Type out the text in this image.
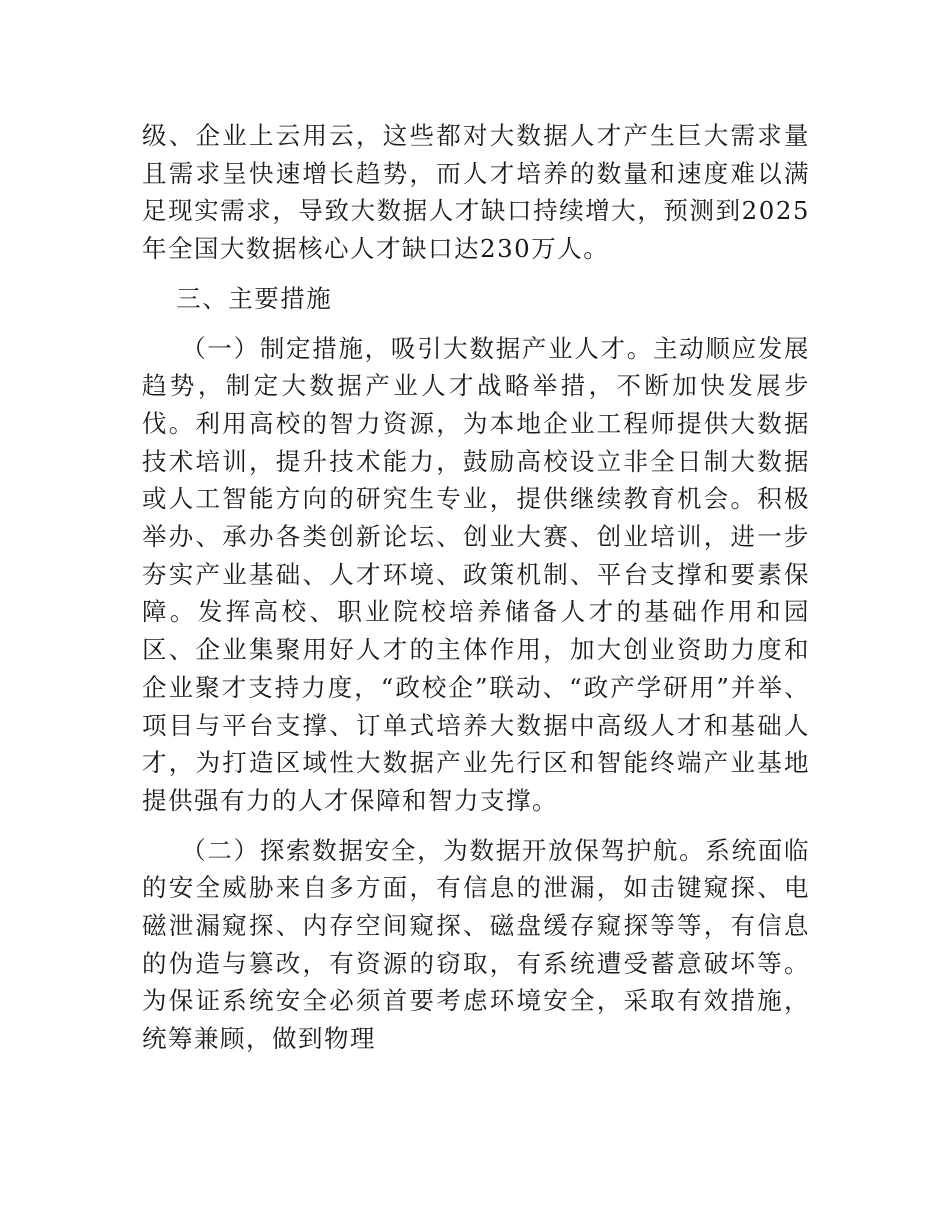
级、企业上云用云，这些都对大数据人才产生巨大需求量且需求呈快速增长趋势，而人才培养的数量和速度难以满足现实需求，导致大数据人才缺口持续增大，预测到2025年全国大数据核心人才缺口达230万人。

三、主要措施

（一）制定措施，吸引大数据产业人才。主动顺应发展趋势，制定大数据产业人才战略举措，不断加快发展步伐。利用高校的智力资源，为本地企业工程师提供大数据技术培训，提升技术能力，鼓励高校设立非全日制大数据或人工智能方向的研究生专业，提供继续教育机会。积极举办、承办各类创新论坛、创业大赛、创业培训，进一步夯实产业基础、人才环境、政策机制、平台支撑和要素保障。发挥高校、职业院校培养储备人才的基础作用和园区、企业集聚用好人才的主体作用，加大创业资助力度和企业聚才支持力度，“政校企”联动、“政产学研用”并举、项目与平台支撑、订单式培养大数据中高级人才和基础人才，为打造区域性大数据产业先行区和智能终端产业基地提供强有力的人才保障和智力支撑。

（二）探索数据安全，为数据开放保驾护航。系统面临的安全威胁来自多方面，有信息的泄漏，如击键窥探、电磁泄漏窥探、内存空间窥探、磁盘缓存窥探等等，有信息的伪造与篡改，有资源的窃取，有系统遭受蓄意破坏等。为保证系统安全必须首要考虑环境安全，采取有效措施，统筹兼顾，做到物理
